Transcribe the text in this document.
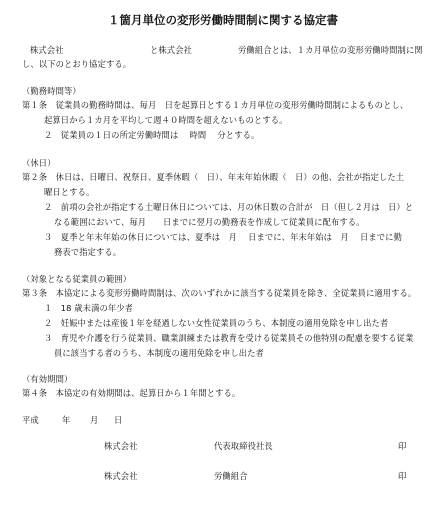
１箇月単位の変形労働時間制に関する協定書
株式会社	と株式会社	労働組合とは、１カ月単位の変形労働時間制に関
し、以下のとおり協定する。
（勤務時間等）
第１条　従業員の勤務時間は、毎月　日を起算日とする１カ月単位の変形労働時間制によるものとし、
起算日から１カ月を平均して週４０時間を超えないものとする。
２　従業員の１日の所定労働時間は　 時間　 分とする。
（休日）
第２条　休日は、日曜日、祝祭日、夏季休暇（　日）、年末年始休暇（　日）の他、会社が指定した土
曜日とする。
２　前項の会社が指定する土曜日休日については、月の休日数の合計が　日（但し２月は　日）と
なる範囲において、毎月　　日までに翌月の勤務表を作成して従業員に配布する。
３　夏季と年末年始の休日については、夏季は　月　 日までに、年末年始は　月　 日までに勤
務表で指定する。
（対象となる従業員の範囲）
第３条　本協定による変形労働時間制は、次のいずれかに該当する従業員を除き、全従業員に適用する。
１　18 歳未満の年少者
２　妊娠中または産後１年を経過しない女性従業員のうち、本制度の適用免除を申し出た者
３　育児や介護を行う従業員、職業訓練または教育を受ける従業員その他特別の配慮を要する従業
員に該当する者のうち、本制度の適用免除を申し出た者
（有効期間）
第４条　本協定の有効期間は、起算日から１年間とする。
平成	年 月 日
株式会社	代表取締役社長	印
株式会社	労働組合	印
